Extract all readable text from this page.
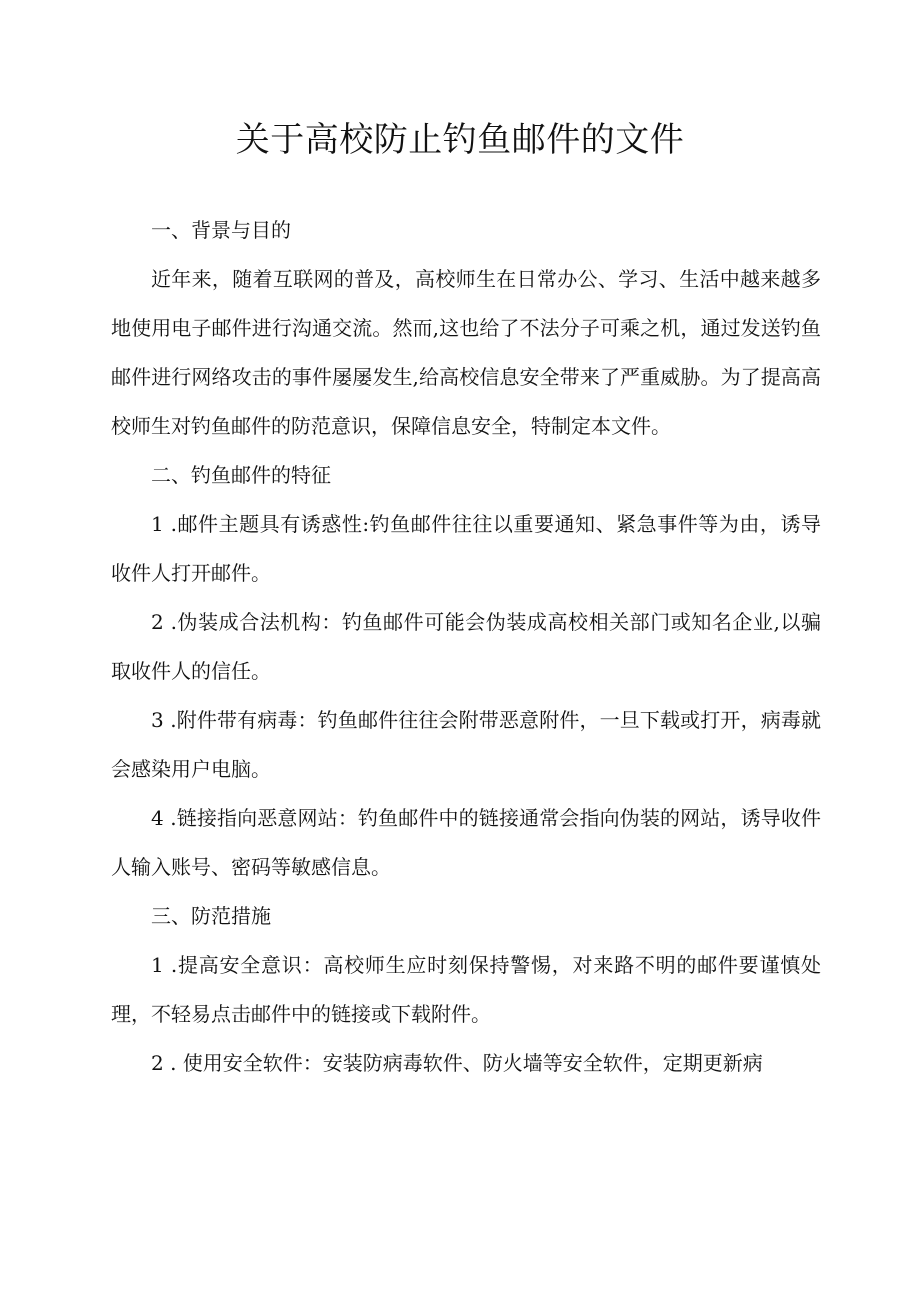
关于高校防止钓鱼邮件的文件

一、背景与目的

近年来，随着互联网的普及，高校师生在日常办公、学习、生活中越来越多地使用电子邮件进行沟通交流。然而,这也给了不法分子可乘之机，通过发送钓鱼邮件进行网络攻击的事件屡屡发生,给高校信息安全带来了严重威胁。为了提高高校师生对钓鱼邮件的防范意识，保障信息安全，特制定本文件。

二、钓鱼邮件的特征

1 .邮件主题具有诱惑性:钓鱼邮件往往以重要通知、紧急事件等为由，诱导收件人打开邮件。

2 .伪装成合法机构：钓鱼邮件可能会伪装成高校相关部门或知名企业,以骗取收件人的信任。

3 .附件带有病毒：钓鱼邮件往往会附带恶意附件，一旦下载或打开，病毒就会感染用户电脑。

4 .链接指向恶意网站：钓鱼邮件中的链接通常会指向伪装的网站，诱导收件人输入账号、密码等敏感信息。

三、防范措施

1 .提高安全意识：高校师生应时刻保持警惕，对来路不明的邮件要谨慎处理，不轻易点击邮件中的链接或下载附件。

2 . 使用安全软件：安装防病毒软件、防火墙等安全软件，定期更新病
